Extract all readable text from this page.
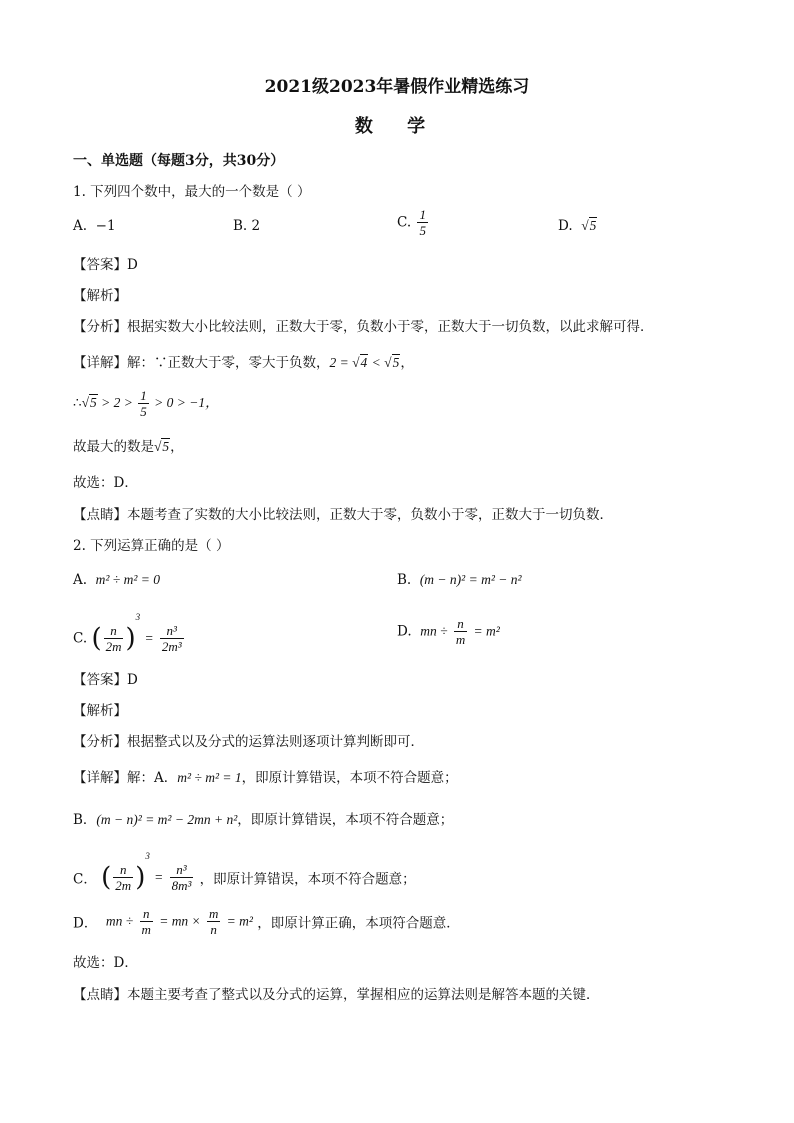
2021级2023年暑假作业精选练习
数 学
一、单选题（每题3分，共30分）
1. 下列四个数中，最大的一个数是（ ）
A. −1	B. 2	C. $\frac{1}{5}$	D. √5
【答案】D
【解析】
【分析】根据实数大小比较法则，正数大于零，负数小于零，正数大于一切负数，以此求解可得．
【详解】解：∵正数大于零，零大于负数，2 = √4 < √5，
∴√5 > $2 > \frac{1}{5} > 0 > -1$，
故最大的数是√5，
故选：D．
【点睛】本题考查了实数的大小比较法则，正数大于零，负数小于零，正数大于一切负数．
2. 下列运算正确的是（ ）
A. m² ÷ m² = 0	B. (m − n)² = m² − n²
C. ( $\frac{n}{2m} )^3 = \frac{\text{n³}}{\text{2m³}}$	D. mn ÷ $\frac{n}{m} = m^2$
【答案】D
【解析】
【分析】根据整式以及分式的运算法则逐项计算判断即可．
【详解】解：A．m² ÷ m² = 1，即原计算错误，本项不符合题意；
B．(m − n)² = m² − 2mn + n²，即原计算错误，本项不符合题意；
C． ( $\frac{n}{2m} )^3 = \frac{\text{n³}}{\text{8m³}}$ ，即原计算错误，本项不符合题意；
D． mn ÷ $\frac{n}{m}$ = mn × $\frac{m}{n} = m^2$ ，即原计算正确，本项符合题意．
故选：D．
【点睛】本题主要考查了整式以及分式的运算，掌握相应的运算法则是解答本题的关键．
